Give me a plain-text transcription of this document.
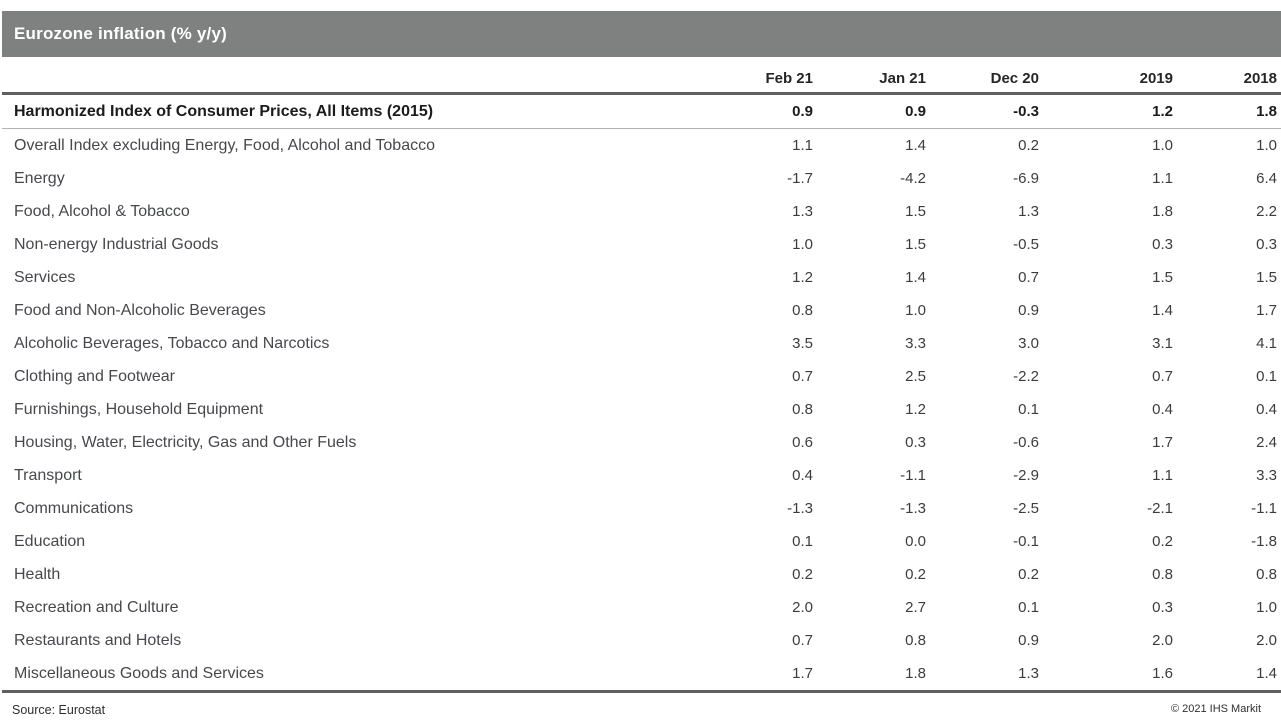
Eurozone inflation (% y/y)
	Feb 21	Jan 21	Dec 20	2019	2018
Harmonized Index of Consumer Prices, All Items (2015)	0.9	0.9	-0.3	1.2	1.8
Overall Index excluding Energy, Food, Alcohol and Tobacco	1.1	1.4	0.2	1.0	1.0
Energy	-1.7	-4.2	-6.9	1.1	6.4
Food, Alcohol & Tobacco	1.3	1.5	1.3	1.8	2.2
Non-energy Industrial Goods	1.0	1.5	-0.5	0.3	0.3
Services	1.2	1.4	0.7	1.5	1.5
Food and Non-Alcoholic Beverages	0.8	1.0	0.9	1.4	1.7
Alcoholic Beverages, Tobacco and Narcotics	3.5	3.3	3.0	3.1	4.1
Clothing and Footwear	0.7	2.5	-2.2	0.7	0.1
Furnishings, Household Equipment	0.8	1.2	0.1	0.4	0.4
Housing, Water, Electricity, Gas and Other Fuels	0.6	0.3	-0.6	1.7	2.4
Transport	0.4	-1.1	-2.9	1.1	3.3
Communications	-1.3	-1.3	-2.5	-2.1	-1.1
Education	0.1	0.0	-0.1	0.2	-1.8
Health	0.2	0.2	0.2	0.8	0.8
Recreation and Culture	2.0	2.7	0.1	0.3	1.0
Restaurants and Hotels	0.7	0.8	0.9	2.0	2.0
Miscellaneous Goods and Services	1.7	1.8	1.3	1.6	1.4
Source: Eurostat	© 2021 IHS Markit
